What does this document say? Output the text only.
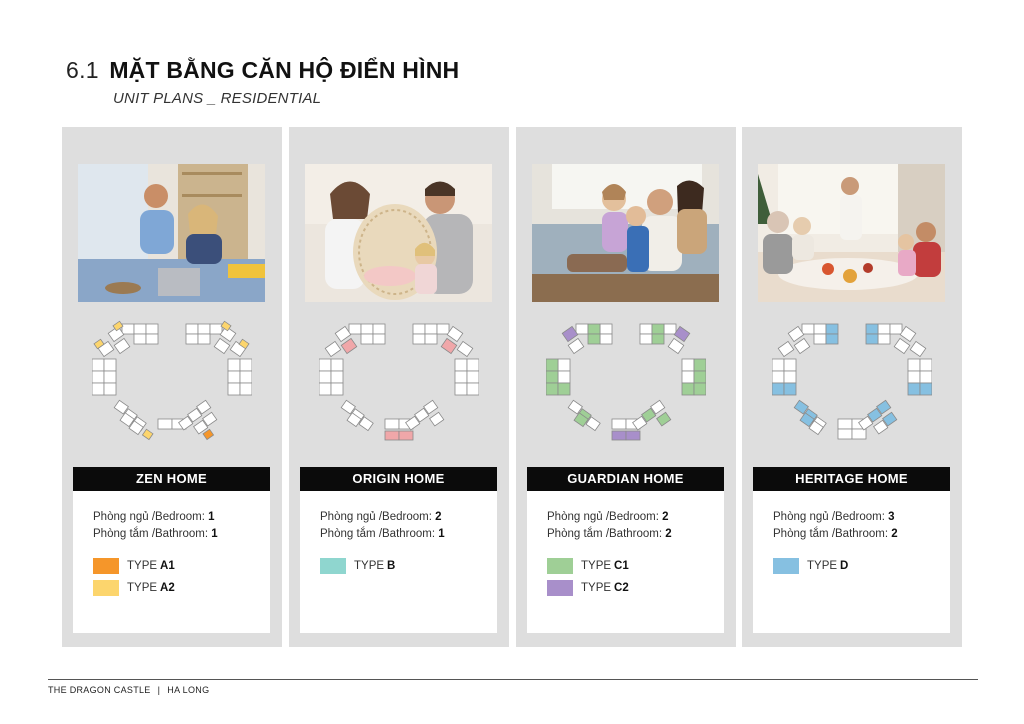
6.1 MẶT BẰNG CĂN HỘ ĐIỂN HÌNH
UNIT PLANS _ RESIDENTIAL
ZEN HOME
Phòng ngủ /Bedroom: 1
Phòng tắm /Bathroom: 1
TYPE A1
TYPE A2
ORIGIN HOME
Phòng ngủ /Bedroom: 2
Phòng tắm /Bathroom: 1
TYPE B
GUARDIAN HOME
Phòng ngủ /Bedroom: 2
Phòng tắm /Bathroom: 2
TYPE C1
TYPE C2
HERITAGE HOME
Phòng ngủ /Bedroom: 3
Phòng tắm /Bathroom: 2
TYPE D
THE DRAGON CASTLE | HA LONG
